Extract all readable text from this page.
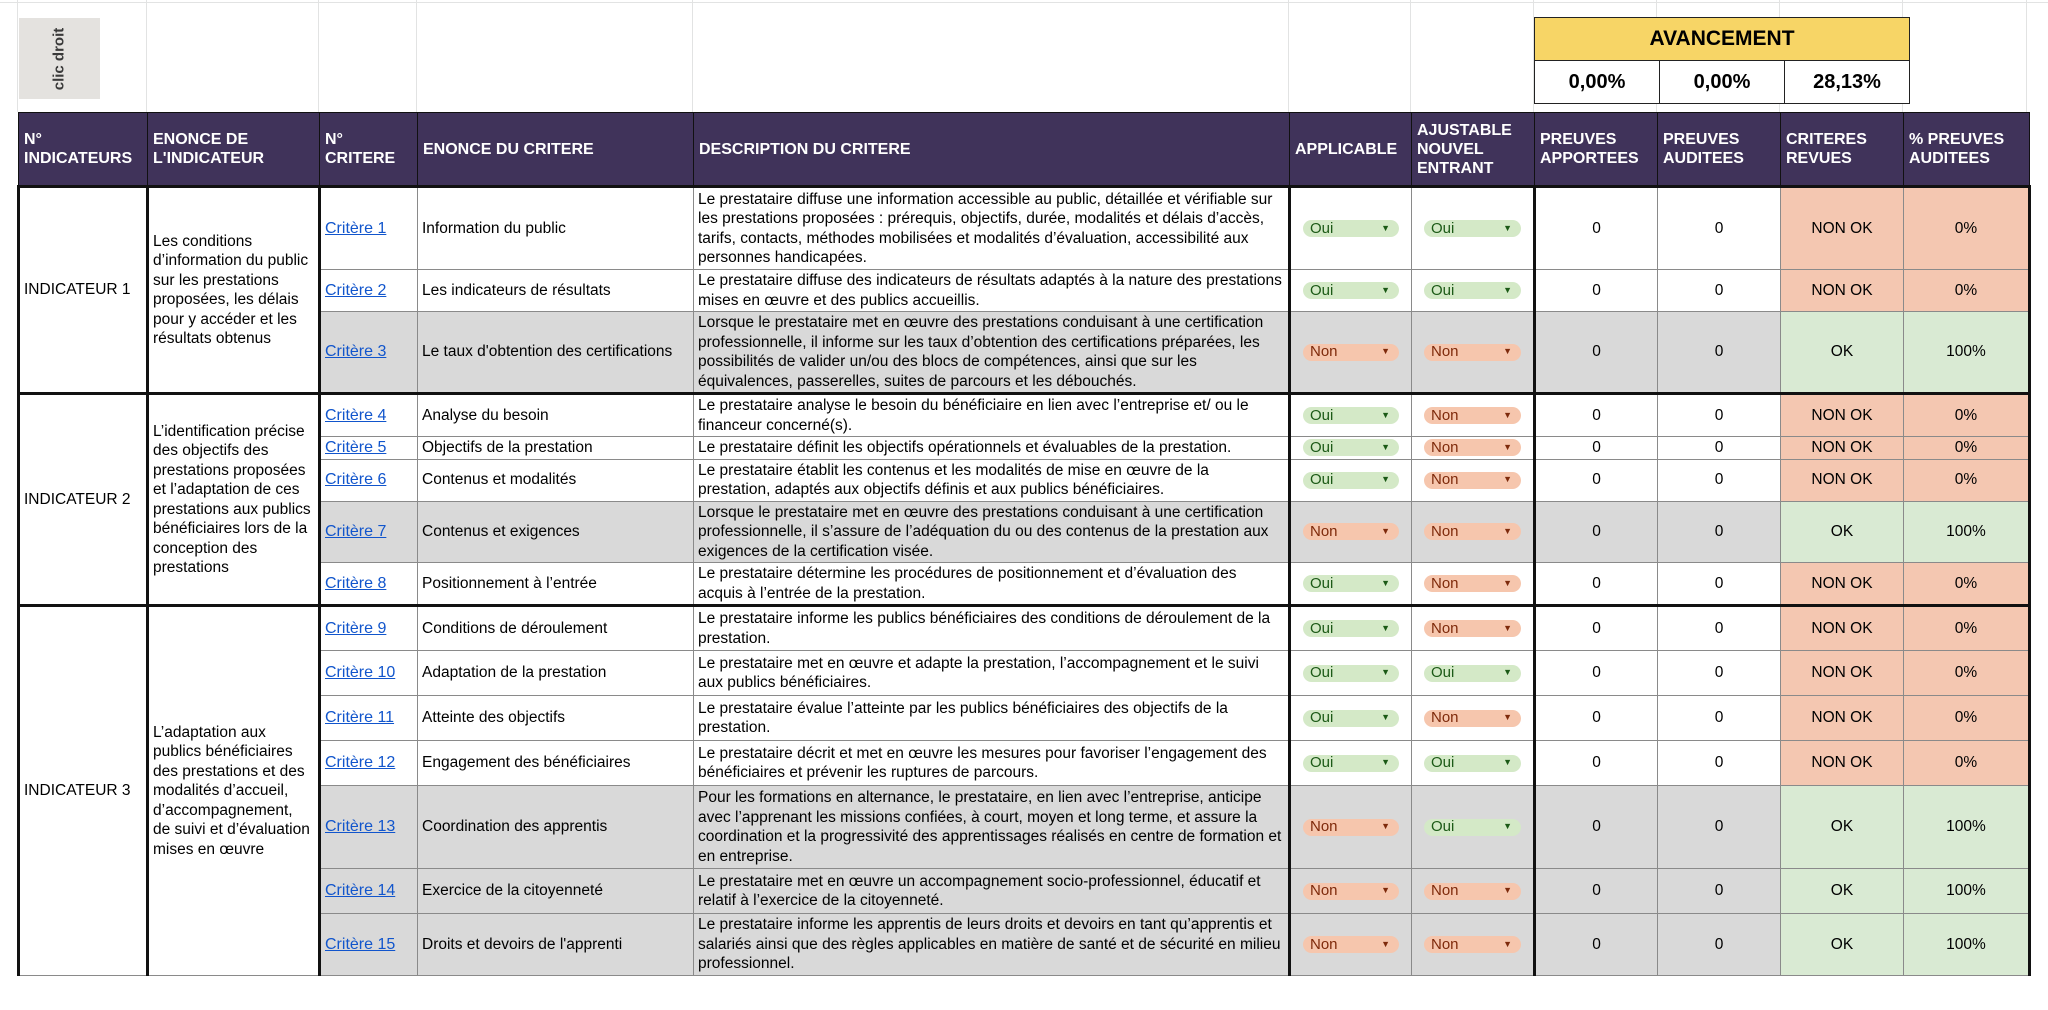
clic droit	AVANCEMENT
0,00%	0,00%	28,13%
N° INDICATEURS	ENONCE DE L'INDICATEUR	N° CRITERE	ENONCE DU CRITERE	DESCRIPTION DU CRITERE	APPLICABLE	AJUSTABLE NOUVEL ENTRANT	PREUVES APPORTEES	PREUVES AUDITEES	CRITERES REVUES	% PREUVES AUDITEES
INDICATEUR 1	Les conditions d’information du public sur les prestations proposées, les délais pour y accéder et les résultats obtenus	Critère 1	Information du public	Le prestataire diffuse une information accessible au public, détaillée et vérifiable sur les prestations proposées : prérequis, objectifs, durée, modalités et délais d’accès, tarifs, contacts, méthodes mobilisées et modalités d’évaluation, accessibilité aux personnes handicapées.	Oui ▼	Oui ▼	0	0	NON OK	0%
		Critère 2	Les indicateurs de résultats	Le prestataire diffuse des indicateurs de résultats adaptés à la nature des prestations mises en œuvre et des publics accueillis.	Oui ▼	Oui ▼	0	0	NON OK	0%
		Critère 3	Le taux d'obtention des certifications	Lorsque le prestataire met en œuvre des prestations conduisant à une certification professionnelle, il informe sur les taux d’obtention des certifications préparées, les possibilités de valider un/ou des blocs de compétences, ainsi que sur les équivalences, passerelles, suites de parcours et les débouchés.	Non ▼	Non ▼	0	0	OK	100%
INDICATEUR 2	L’identification précise des objectifs des prestations proposées et l’adaptation de ces prestations aux publics bénéficiaires lors de la conception des prestations	Critère 4	Analyse du besoin	Le prestataire analyse le besoin du bénéficiaire en lien avec l’entreprise et/ ou le financeur concerné(s).	Oui ▼	Non ▼	0	0	NON OK	0%
		Critère 5	Objectifs de la prestation	Le prestataire définit les objectifs opérationnels et évaluables de la prestation.	Oui ▼	Non ▼	0	0	NON OK	0%
		Critère 6	Contenus et modalités	Le prestataire établit les contenus et les modalités de mise en œuvre de la prestation, adaptés aux objectifs définis et aux publics bénéficiaires.	Oui ▼	Non ▼	0	0	NON OK	0%
		Critère 7	Contenus et exigences	Lorsque le prestataire met en œuvre des prestations conduisant à une certification professionnelle, il s’assure de l’adéquation du ou des contenus de la prestation aux exigences de la certification visée.	Non ▼	Non ▼	0	0	OK	100%
		Critère 8	Positionnement à l’entrée	Le prestataire détermine les procédures de positionnement et d’évaluation des acquis à l’entrée de la prestation.	Oui ▼	Non ▼	0	0	NON OK	0%
INDICATEUR 3	L’adaptation aux publics bénéficiaires des prestations et des modalités d’accueil, d’accompagnement, de suivi et d’évaluation mises en œuvre	Critère 9	Conditions de déroulement	Le prestataire informe les publics bénéficiaires des conditions de déroulement de la prestation.	Oui ▼	Non ▼	0	0	NON OK	0%
		Critère 10	Adaptation de la prestation	Le prestataire met en œuvre et adapte la prestation, l’accompagnement et le suivi aux publics bénéficiaires.	Oui ▼	Oui ▼	0	0	NON OK	0%
		Critère 11	Atteinte des objectifs	Le prestataire évalue l’atteinte par les publics bénéficiaires des objectifs de la prestation.	Oui ▼	Non ▼	0	0	NON OK	0%
		Critère 12	Engagement des bénéficiaires	Le prestataire décrit et met en œuvre les mesures pour favoriser l’engagement des bénéficiaires et prévenir les ruptures de parcours.	Oui ▼	Oui ▼	0	0	NON OK	0%
		Critère 13	Coordination des apprentis	Pour les formations en alternance, le prestataire, en lien avec l’entreprise, anticipe avec l’apprenant les missions confiées, à court, moyen et long terme, et assure la coordination et la progressivité des apprentissages réalisés en centre de formation et en entreprise.	Non ▼	Oui ▼	0	0	OK	100%
		Critère 14	Exercice de la citoyenneté	Le prestataire met en œuvre un accompagnement socio-professionnel, éducatif et relatif à l’exercice de la citoyenneté.	Non ▼	Non ▼	0	0	OK	100%
		Critère 15	Droits et devoirs de l'apprenti	Le prestataire informe les apprentis de leurs droits et devoirs en tant qu’apprentis et salariés ainsi que des règles applicables en matière de santé et de sécurité en milieu professionnel.	Non ▼	Non ▼	0	0	OK	100%
